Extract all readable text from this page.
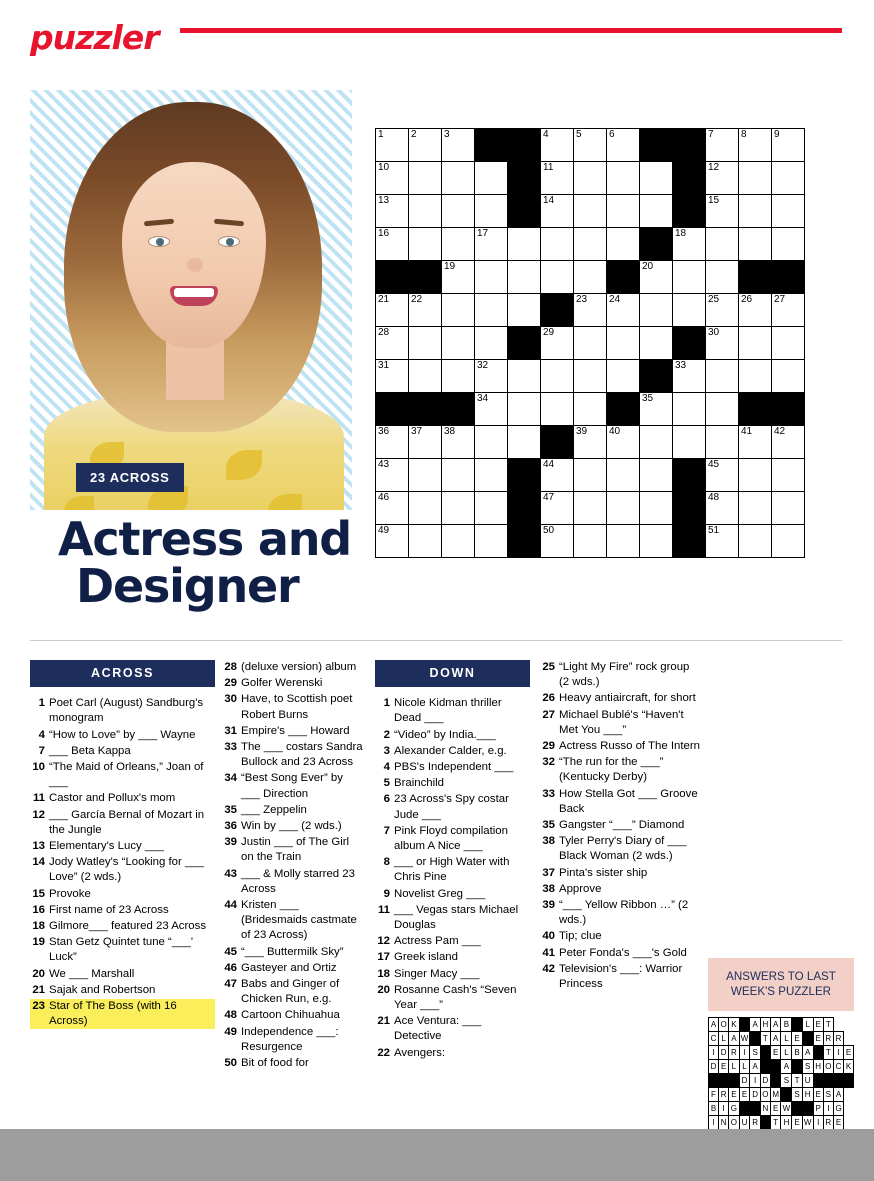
puzzler
23 ACROSS
Actress and
Designer
1	2	3			4	5	6			7	8	9

10					11					12		

13					14					15		

16			17						18			

		19						20				

21	22					23	24			25	26	27

28					29					30		

31			32						33			

			34					35				

36	37	38				39	40				41	42

43					44					45		

46					47					48		

49					50					51		

ACROSS
1 Poet Carl (August) Sandburg's monogram
4 “How to Love” by ___ Wayne
7 ___ Beta Kappa
10 “The Maid of Orleans,” Joan of ___
11 Castor and Pollux's mom
12 ___ García Bernal of Mozart in the Jungle
13 Elementary's Lucy ___
14 Jody Watley's “Looking for ___ Love” (2 wds.)
15 Provoke
16 First name of 23 Across
18 Gilmore___ featured 23 Across
19 Stan Getz Quintet tune “___' Luck”
20 We ___ Marshall
21 Sajak and Robertson
23 Star of The Boss (with 16 Across)
28 (deluxe version) album
29 Golfer Werenski
30 Have, to Scottish poet Robert Burns
31 Empire's ___ Howard
33 The ___ costars Sandra Bullock and 23 Across
34 “Best Song Ever” by ___ Direction
35 ___ Zeppelin
36 Win by ___ (2 wds.)
39 Justin ___ of The Girl on the Train
43 ___ & Molly starred 23 Across
44 Kristen ___ (Bridesmaids castmate of 23 Across)
45 “___ Buttermilk Sky”
46 Gasteyer and Ortiz
47 Babs and Ginger of Chicken Run, e.g.
48 Cartoon Chihuahua
49 Independence ___: Resurgence
50 Bit of food for
DOWN
1 Nicole Kidman thriller Dead ___
2 “Video” by India.___
3 Alexander Calder, e.g.
4 PBS's Independent ___
5 Brainchild
6 23 Across's Spy costar Jude ___
7 Pink Floyd compilation album A Nice ___
8 ___ or High Water with Chris Pine
9 Novelist Greg ___
11 ___ Vegas stars Michael Douglas
12 Actress Pam ___
17 Greek island
18 Singer Macy ___
20 Rosanne Cash's “Seven Year ___”
21 Ace Ventura: ___ Detective
22 Avengers:
25 “Light My Fire” rock group (2 wds.)
26 Heavy antiaircraft, for short
27 Michael Bublé's “Haven't Met You ___”
29 Actress Russo of The Intern
32 “The run for the ___” (Kentucky Derby)
33 How Stella Got ___ Groove Back
35 Gangster “___” Diamond
38 Tyler Perry's Diary of ___ Black Woman (2 wds.)
37 Pinta's sister ship
38 Approve
39 “___ Yellow Ribbon …” (2 wds.)
40 Tip; clue
41 Peter Fonda's ___'s Gold
42 Television's ___: Warrior Princess
ANSWERS TO LAST WEEK'S PUZZLER
A	O	K		A	H	A	B		L	E	T		
C	L	A	W		T	A	L	E		E	R	R	
I	D	R	I	S		E	L	B	A		T	I	E
D	E	L	L	A			A		S	H	O	C	K
			D	I	D		S	T	U				
F	R	E	E	D	O	M		S	H	E	S	A	
B	I	G			N	E	W			P	I	G	
I	N	O	U	R		T	H	E	W	I	R	E	
